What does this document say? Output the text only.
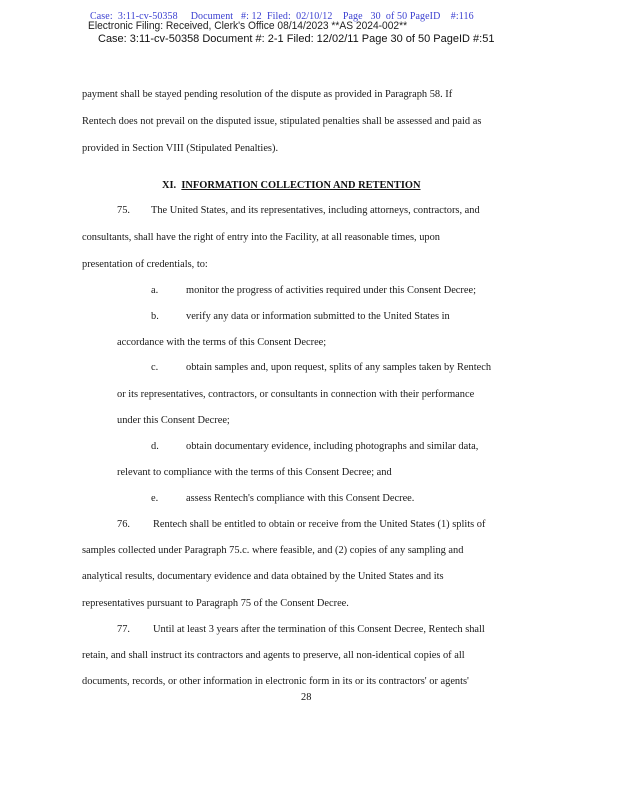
Case:  3:11-cv-50358     Document   #: 12  Filed:  02/10/12    Page   30  of 50 PageID    #:116
Electronic Filing: Received, Clerk's Office 08/14/2023 **AS 2024-002**
Case: 3:11-cv-50358 Document #: 2-1 Filed: 12/02/11 Page 30 of 50 PageID #:51
payment shall be stayed pending resolution of the dispute as provided in Paragraph 58. If
Rentech does not prevail on the disputed issue, stipulated penalties shall be assessed and paid as
provided in Section VIII (Stipulated Penalties).
XI. INFORMATION COLLECTION AND RETENTION
75. The United States, and its representatives, including attorneys, contractors, and
consultants, shall have the right of entry into the Facility, at all reasonable times, upon
presentation of credentials, to:
a.	monitor the progress of activities required under this Consent Decree;
b.	verify any data or information submitted to the United States in
accordance with the terms of this Consent Decree;
c.	obtain samples and, upon request, splits of any samples taken by Rentech
or its representatives, contractors, or consultants in connection with their performance
under this Consent Decree;
d.	obtain documentary evidence, including photographs and similar data,
relevant to compliance with the terms of this Consent Decree; and
e.	assess Rentech's compliance with this Consent Decree.
76. Rentech shall be entitled to obtain or receive from the United States (1) splits of
samples collected under Paragraph 75.c. where feasible, and (2) copies of any sampling and
analytical results, documentary evidence and data obtained by the United States and its
representatives pursuant to Paragraph 75 of the Consent Decree.
77. Until at least 3 years after the termination of this Consent Decree, Rentech shall
retain, and shall instruct its contractors and agents to preserve, all non-identical copies of all
documents, records, or other information in electronic form in its or its contractors' or agents'
28
